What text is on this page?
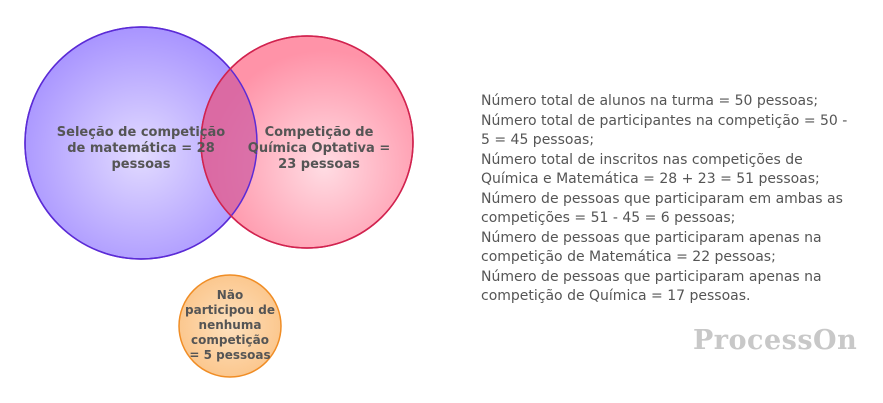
Seleção de competição de matemática = 28 pessoas
Competição de Química Optativa = 23 pessoas
Não participou de nenhuma competição = 5 pessoas

Número total de alunos na turma = 50 pessoas;

Número total de participantes na competição = 50 - 5 = 45 pessoas;

Número total de inscritos nas competições de Química e Matemática = 28 + 23 = 51 pessoas;

Número de pessoas que participaram em ambas as competições = 51 - 45 = 6 pessoas;

Número de pessoas que participaram apenas na competição de Matemática = 22 pessoas;

Número de pessoas que participaram apenas na competição de Química = 17 pessoas.

ProcessOn
